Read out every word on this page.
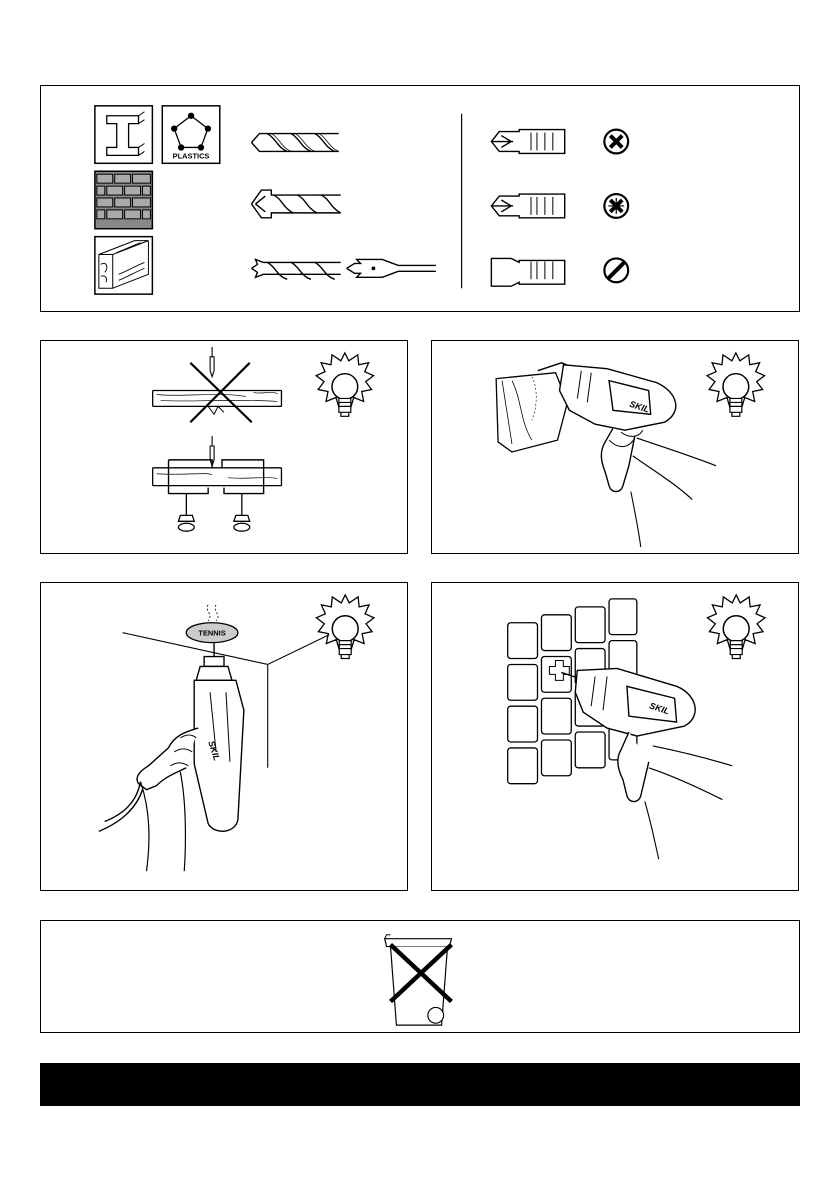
PLASTICS
SKIL
TENNIS
SKIL
SKIL
